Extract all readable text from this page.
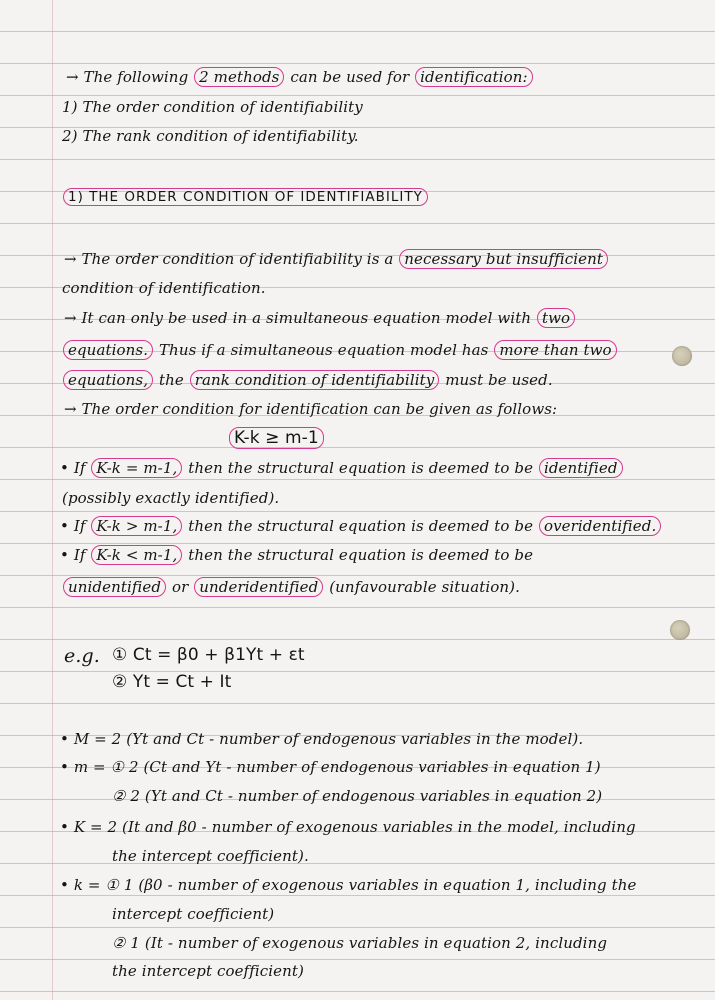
→ The following 2 methods can be used for identification:
1) The order condition of identifiability
2) The rank condition of identifiability.
1) THE ORDER CONDITION OF IDENTIFIABILITY
→ The order condition of identifiability is a necessary but insufficient
condition of identification.
→ It can only be used in a simultaneous equation model with two
equations. Thus if a simultaneous equation model has more than two
equations, the rank condition of identifiability must be used.
→ The order condition for identification can be given as follows:
K-k ≥ m-1
• If K-k = m-1, then the structural equation is deemed to be identified
(possibly exactly identified).
• If K-k > m-1, then the structural equation is deemed to be overidentified.
• If K-k < m-1, then the structural equation is deemed to be
unidentified or underidentified (unfavourable situation).
e.g. ① Ct = β0 + β1Yt + εt
② Yt = Ct + It
• M = 2 (Yt and Ct - number of endogenous variables in the model).
• m = ① 2 (Ct and Yt - number of endogenous variables in equation 1)
② 2 (Yt and Ct - number of endogenous variables in equation 2)
• K = 2 (It and β0 - number of exogenous variables in the model, including
the intercept coefficient).
• k = ① 1 (β0 - number of exogenous variables in equation 1, including the
intercept coefficient)
② 1 (It - number of exogenous variables in equation 2, including
the intercept coefficient)
